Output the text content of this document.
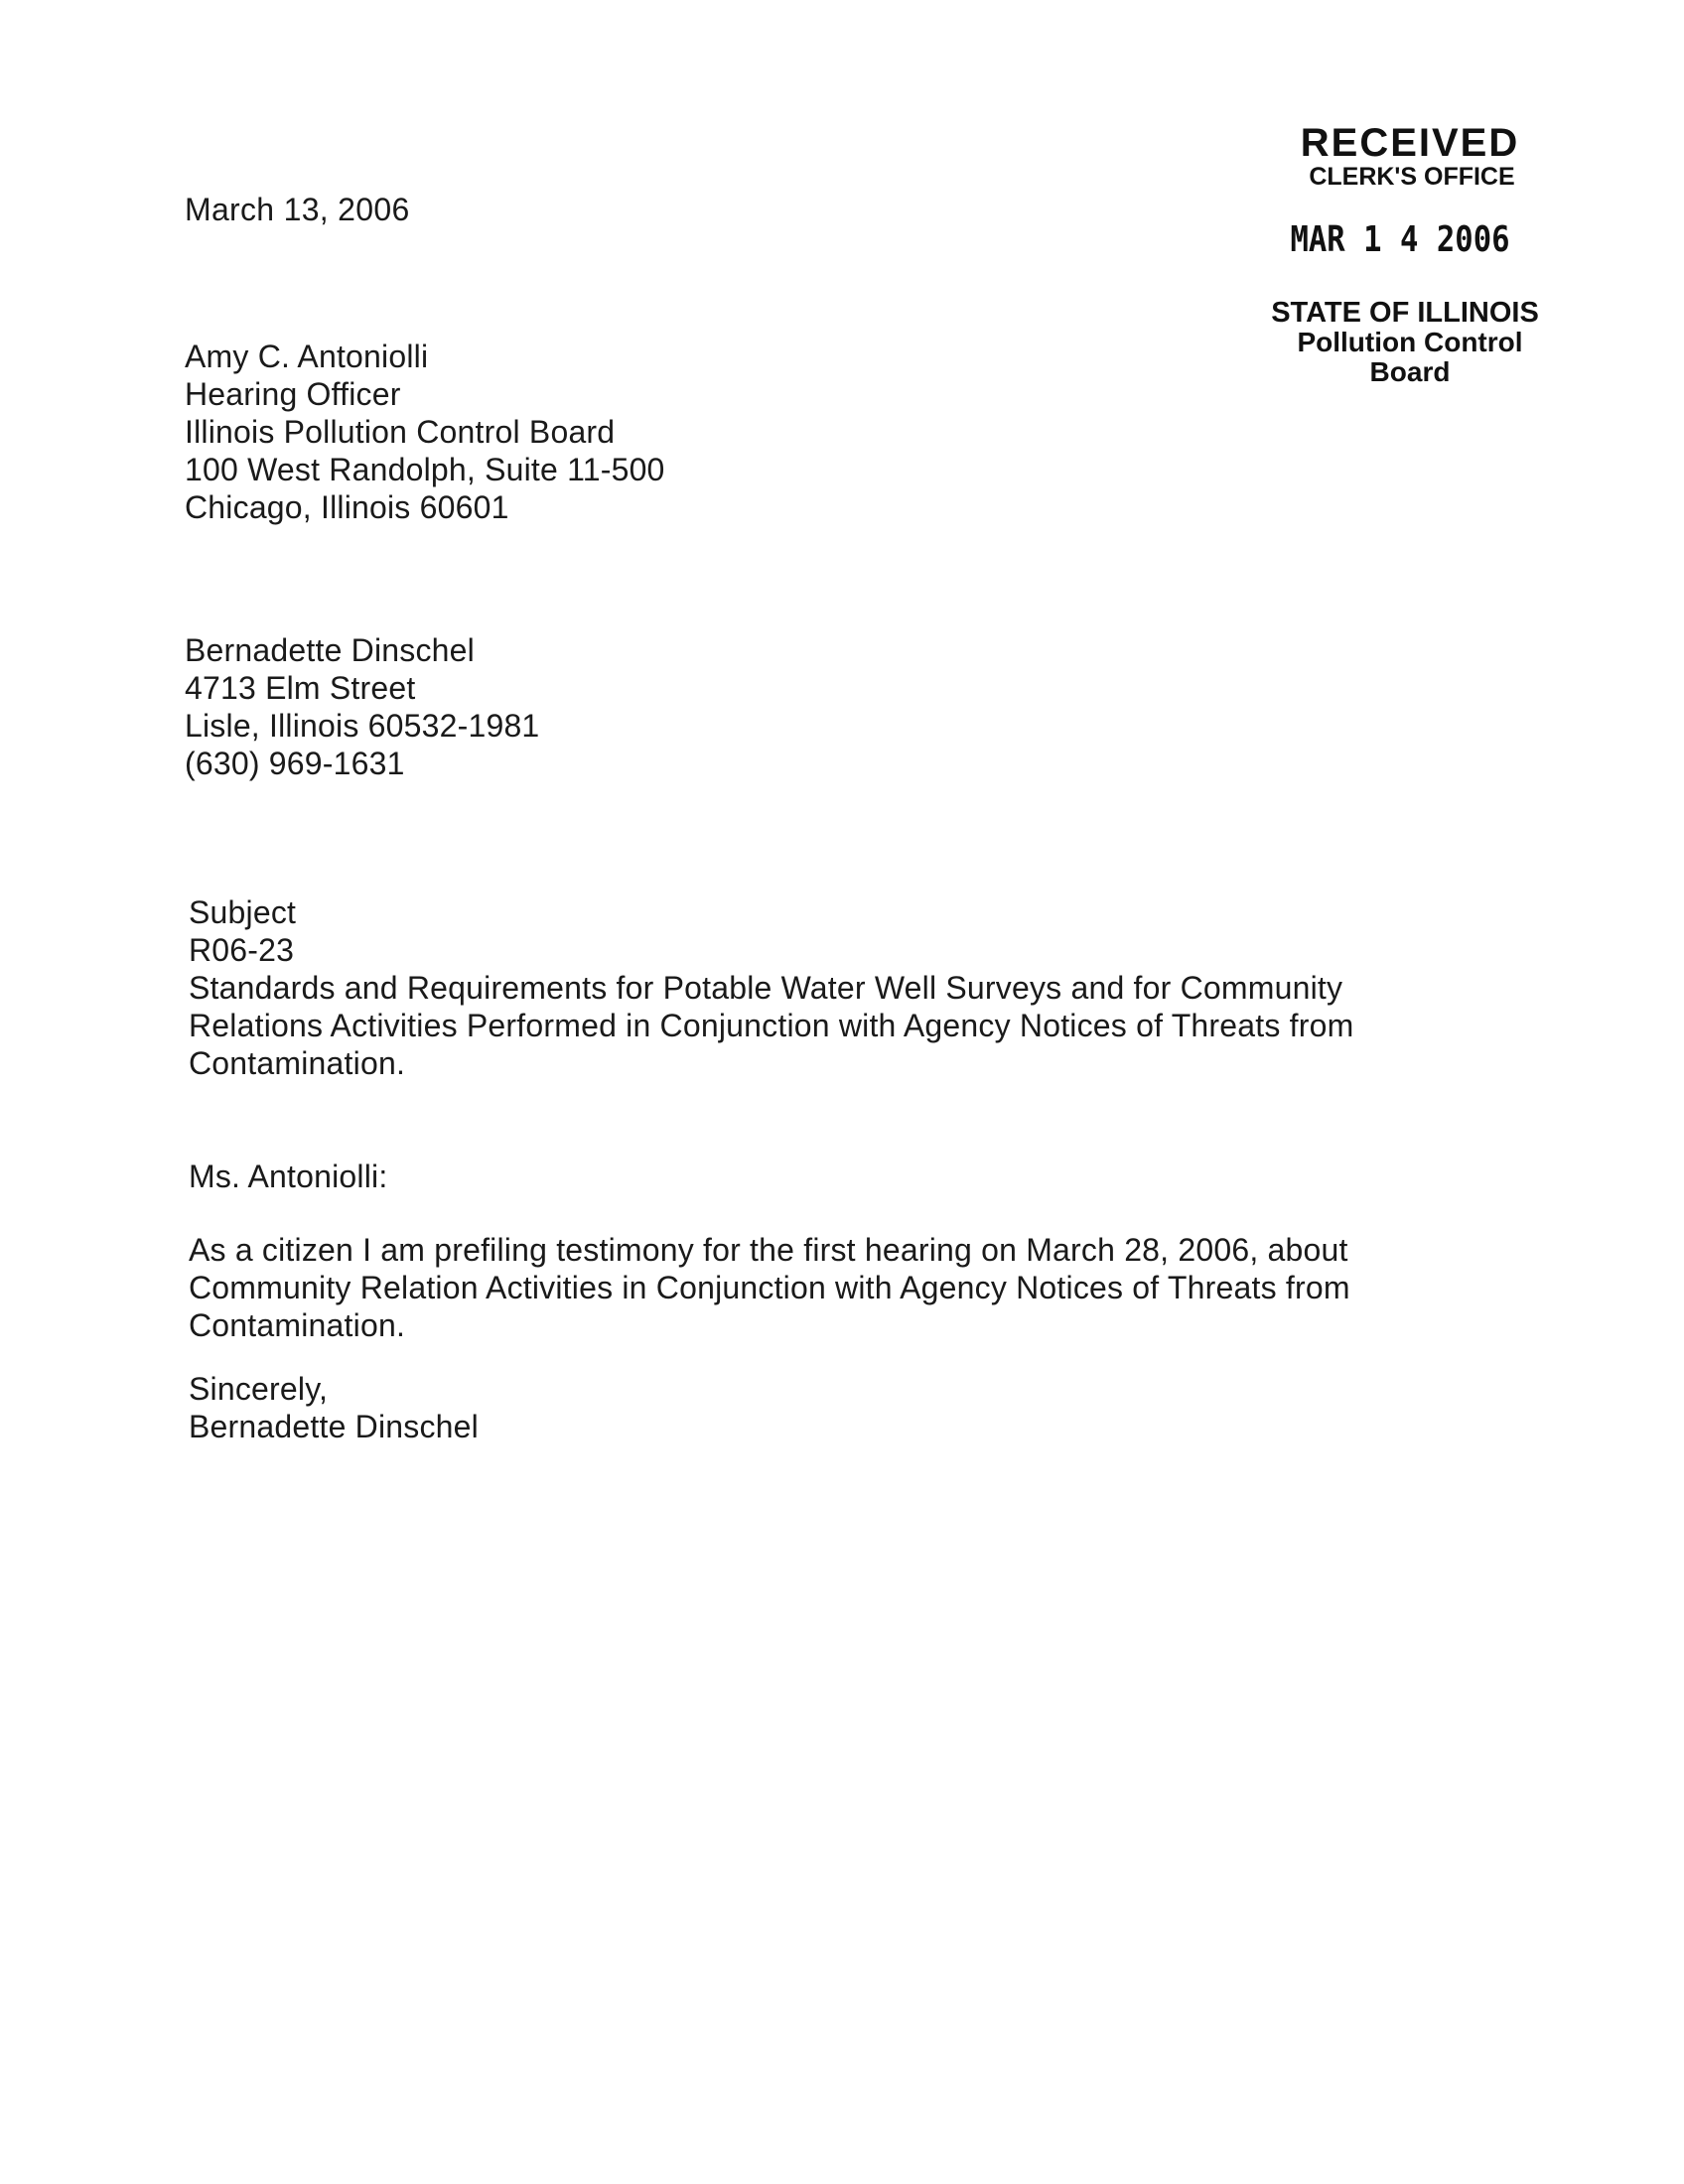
March 13, 2006
RECEIVED
CLERK'S OFFICE
MAR 1 4 2006
STATE OF ILLINOIS
Pollution Control Board
Amy C. Antoniolli
Hearing Officer
Illinois Pollution Control Board
100 West Randolph, Suite 11-500
Chicago, Illinois 60601
Bernadette Dinschel
4713 Elm Street
Lisle, Illinois 60532-1981
(630) 969-1631
Subject
R06-23
Standards and Requirements for Potable Water Well Surveys and for Community
Relations Activities Performed in Conjunction with Agency Notices of Threats from
Contamination.
Ms. Antoniolli:
As a citizen I am prefiling testimony for the first hearing on March 28, 2006, about
Community Relation Activities in Conjunction with Agency Notices of Threats from
Contamination.
Sincerely,
Bernadette Dinschel
